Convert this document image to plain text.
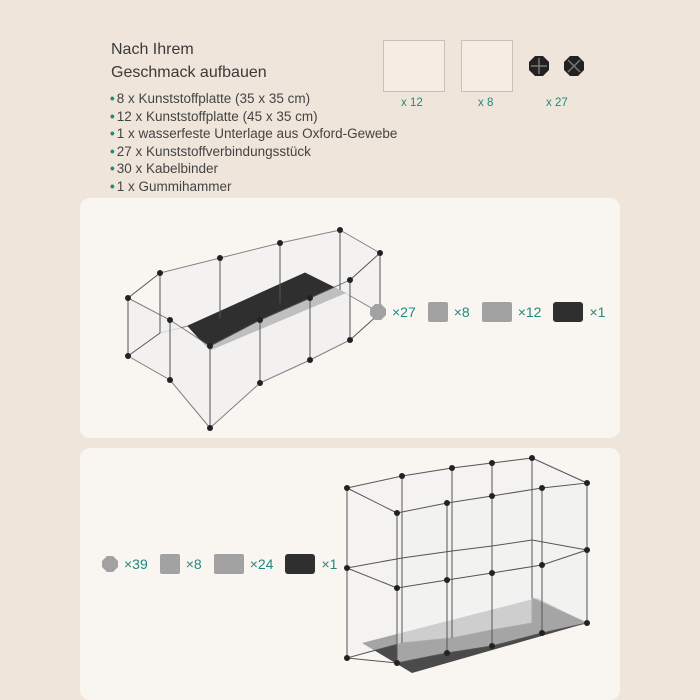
Nach Ihrem
Geschmack aufbauen
• 8 x Kunststoffplatte (35 x 35 cm)
• 12 x Kunststoffplatte (45 x 35 cm)
• 1 x wasserfeste Unterlage aus Oxford-Gewebe
• 27 x Kunststoffverbindungsstück
• 30 x Kabelbinder
• 1 x Gummihammer
x 12	x 8	x 27
×27	×8	×12	×1
×39	×8	×24	×1
